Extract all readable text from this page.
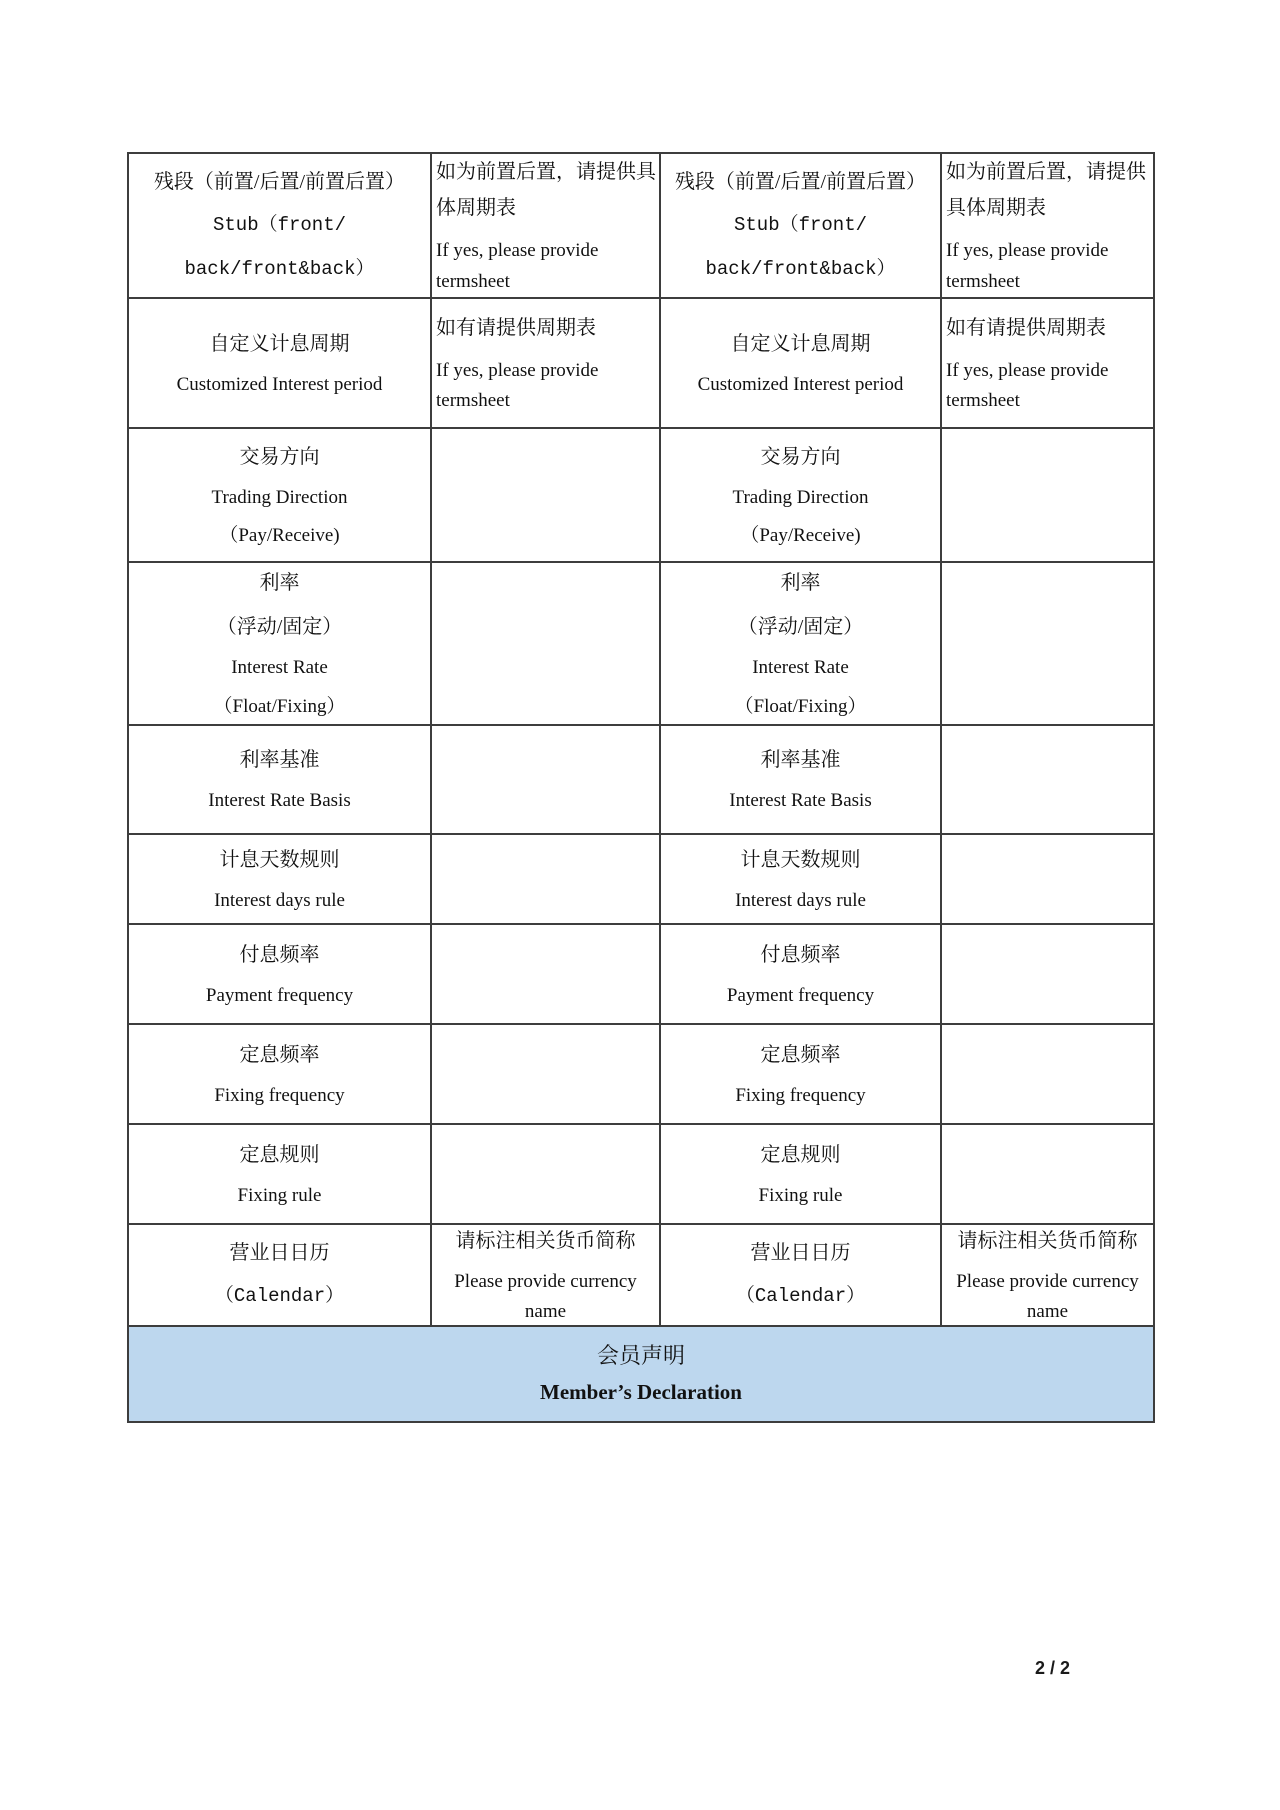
残段（前置/后置/前置后置）
Stub（front/
back/front&back）
如为前置后置，请提供具体周期表
If yes, please provide termsheet
残段（前置/后置/前置后置）
Stub（front/
back/front&back）
如为前置后置，请提供具体周期表
If yes, please provide termsheet
自定义计息周期
Customized Interest period
如有请提供周期表
If yes, please provide termsheet
自定义计息周期
Customized Interest period
如有请提供周期表
If yes, please provide termsheet
交易方向
Trading Direction
（Pay/Receive)
交易方向
Trading Direction
（Pay/Receive)
利率
（浮动/固定）
Interest Rate
（Float/Fixing）
利率
（浮动/固定）
Interest Rate
（Float/Fixing）
利率基准
Interest Rate Basis
利率基准
Interest Rate Basis
计息天数规则
Interest days rule
计息天数规则
Interest days rule
付息频率
Payment frequency
付息频率
Payment frequency
定息频率
Fixing frequency
定息频率
Fixing frequency
定息规则
Fixing rule
定息规则
Fixing rule
营业日日历
（Calendar）
请标注相关货币简称
Please provide currency name
营业日日历
（Calendar）
请标注相关货币简称
Please provide currency name
会员声明
Member’s Declaration
2 / 2
